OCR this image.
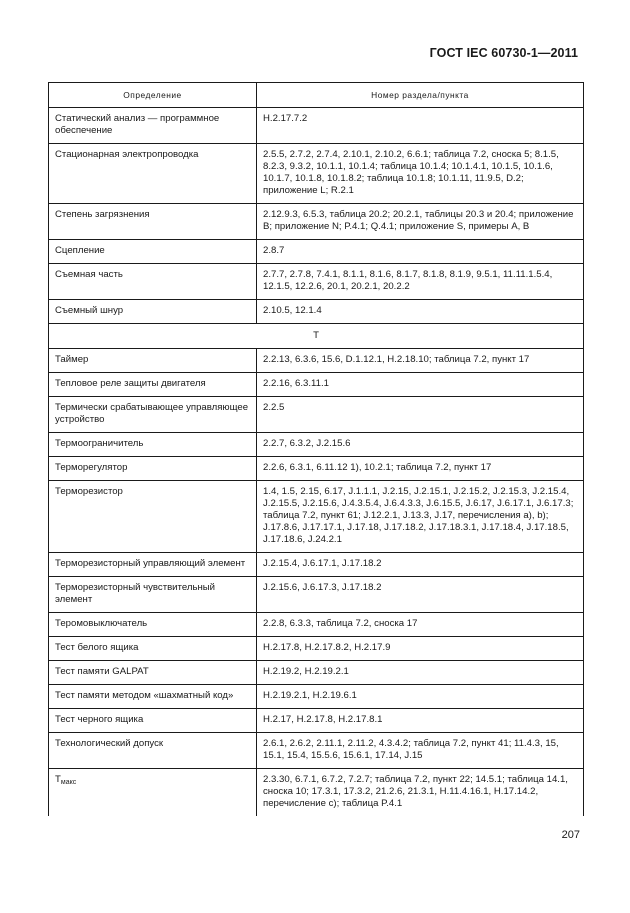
ГОСТ IEC 60730-1—2011
Определение	Номер раздела/пункта
Статический анализ — программное обеспечение	H.2.17.7.2
Стационарная электропроводка	2.5.5, 2.7.2, 2.7.4, 2.10.1, 2.10.2, 6.6.1; таблица 7.2, сноска 5; 8.1.5, 8.2.3, 9.3.2, 10.1.1, 10.1.4; таблица 10.1.4; 10.1.4.1, 10.1.5, 10.1.6, 10.1.7, 10.1.8, 10.1.8.2; таблица 10.1.8; 10.1.11, 11.9.5, D.2; приложение L; R.2.1
Степень загрязнения	2.12.9.3, 6.5.3, таблица 20.2; 20.2.1, таблицы 20.3 и 20.4; приложение B; приложение N; P.4.1; Q.4.1; приложение S, примеры A, B
Сцепление	2.8.7
Съемная часть	2.7.7, 2.7.8, 7.4.1, 8.1.1, 8.1.6, 8.1.7, 8.1.8, 8.1.9, 9.5.1, 11.11.1.5.4, 12.1.5, 12.2.6, 20.1, 20.2.1, 20.2.2
Съемный шнур	2.10.5, 12.1.4
Т	
Таймер	2.2.13, 6.3.6, 15.6, D.1.12.1, H.2.18.10; таблица 7.2, пункт 17
Тепловое реле защиты двигателя	2.2.16, 6.3.11.1
Термически срабатывающее управляющее устройство	2.2.5
Термоограничитель	2.2.7, 6.3.2, J.2.15.6
Терморегулятор	2.2.6, 6.3.1, 6.11.12 1), 10.2.1; таблица 7.2, пункт 17
Терморезистор	1.4, 1.5, 2.15, 6.17, J.1.1.1, J.2.15, J.2.15.1, J.2.15.2, J.2.15.3, J.2.15.4, J.2.15.5, J.2.15.6, J.4.3.5.4, J.6.4.3.3, J.6.15.5, J.6.17, J.6.17.1, J.6.17.3; таблица 7.2, пункт 61; J.12.2.1, J.13.3, J.17, перечисления a), b); J.17.8.6, J.17.17.1, J.17.18, J.17.18.2, J.17.18.3.1, J.17.18.4, J.17.18.5, J.17.18.6, J.24.2.1
Терморезисторный управляющий элемент	J.2.15.4, J.6.17.1, J.17.18.2
Терморезисторный чувствительный элемент	J.2.15.6, J.6.17.3, J.17.18.2
Теромовыключатель	2.2.8, 6.3.3, таблица 7.2, сноска 17
Тест белого ящика	H.2.17.8, H.2.17.8.2, H.2.17.9
Тест памяти GALPAT	H.2.19.2, H.2.19.2.1
Тест памяти методом «шахматный код»	H.2.19.2.1, H.2.19.6.1
Тест черного ящика	H.2.17, H.2.17.8, H.2.17.8.1
Технологический допуск	2.6.1, 2.6.2, 2.11.1, 2.11.2, 4.3.4.2; таблица 7.2, пункт 41; 11.4.3, 15, 15.1, 15.4, 15.5.6, 15.6.1, 17.14, J.15
$T_{макс}$	2.3.30, 6.7.1, 6.7.2, 7.2.7; таблица 7.2, пункт 22; 14.5.1; таблица 14.1, сноска 10; 17.3.1, 17.3.2, 21.2.6, 21.3.1, H.11.4.16.1, H.17.14.2, перечисление c); таблица P.4.1
207
